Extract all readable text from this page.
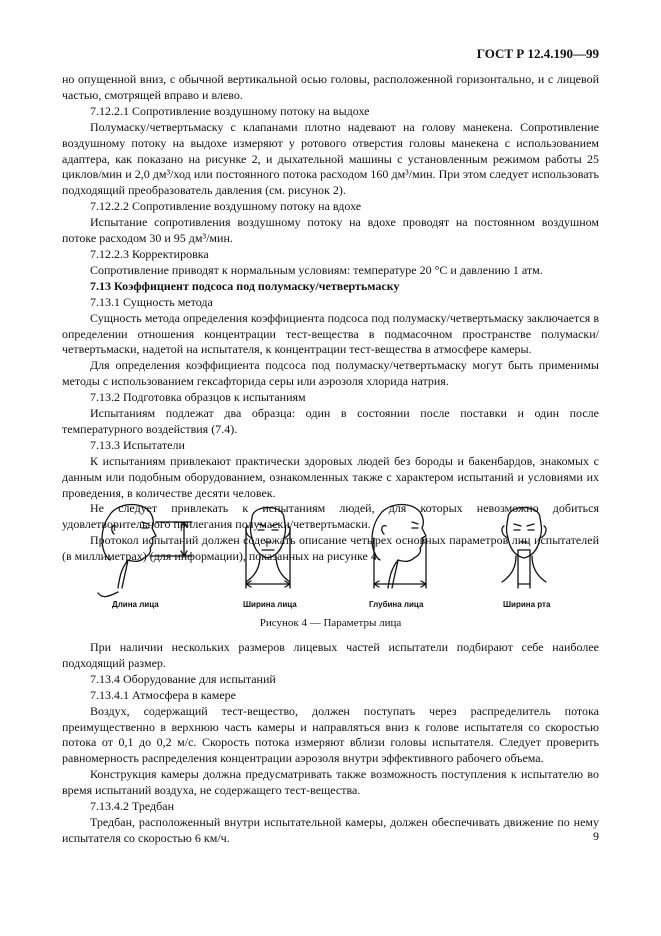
ГОСТ Р 12.4.190—99

но опущенной вниз, с обычной вертикальной осью головы, расположенной горизонтально, и с лицевой частью, смотрящей вправо и влево.

7.12.2.1 Сопротивление воздушному потоку на выдохе

Полумаску/четвертьмаску с клапанами плотно надевают на голову манекена. Сопротивление воздушному потоку на выдохе измеряют у ротового отверстия головы манекена с использованием адаптера, как показано на рисунке 2, и дыхательной машины с установленным режимом работы 25 циклов/мин и 2,0 дм³/ход или постоянного потока расходом 160 дм³/мин. При этом следует использовать подходящий преобразователь давления (см. рисунок 2).

7.12.2.2 Сопротивление воздушному потоку на вдохе

Испытание сопротивления воздушному потоку на вдохе проводят на постоянном воздушном потоке расходом 30 и 95 дм³/мин.

7.12.2.3 Корректировка

Сопротивление приводят к нормальным условиям: температуре 20 °С и давлению 1 атм.

7.13 Коэффициент подсоса под полумаску/четвертьмаску

7.13.1 Сущность метода

Сущность метода определения коэффициента подсоса под полумаску/четвертьмаску заключается в определении отношения концентрации тест-вещества в подмасочном пространстве полумаски/четвертьмаски, надетой на испытателя, к концентрации тест-вещества в атмосфере камеры.

Для определения коэффициента подсоса под полумаску/четвертьмаску могут быть применимы методы с использованием гексафторида серы или аэрозоля хлорида натрия.

7.13.2 Подготовка образцов к испытаниям

Испытаниям подлежат два образца: один в состоянии после поставки и один после температурного воздействия (7.4).

7.13.3 Испытатели

К испытаниям привлекают практически здоровых людей без бороды и бакенбардов, знакомых с данным или подобным оборудованием, ознакомленных также с характером испытаний и условиями их проведения, в количестве десяти человек.

Не следует привлекать к испытаниям людей, для которых невозможно добиться удовлетворительного прилегания полумаски/четвертьмаски.

Протокол испытаний должен содержать описание четырех основных параметров лиц испытателей (в миллиметрах) (для информации), показанных на рисунке 4.

Длина лица	Ширина лица	Глубина лица	Ширина рта
Рисунок 4 — Параметры лица

При наличии нескольких размеров лицевых частей испытатели подбирают себе наиболее подходящий размер.

7.13.4 Оборудование для испытаний

7.13.4.1 Атмосфера в камере

Воздух, содержащий тест-вещество, должен поступать через распределитель потока преимущественно в верхнюю часть камеры и направляться вниз к голове испытателя со скоростью потока от 0,1 до 0,2 м/с. Скорость потока измеряют вблизи головы испытателя. Следует проверить равномерность распределения концентрации аэрозоля внутри эффективного рабочего объема.

Конструкция камеры должна предусматривать также возможность поступления к испытателю во время испытаний воздуха, не содержащего тест-вещества.

7.13.4.2 Тредбан

Тредбан, расположенный внутри испытательной камеры, должен обеспечивать движение по нему испытателя со скоростью 6 км/ч.	9
